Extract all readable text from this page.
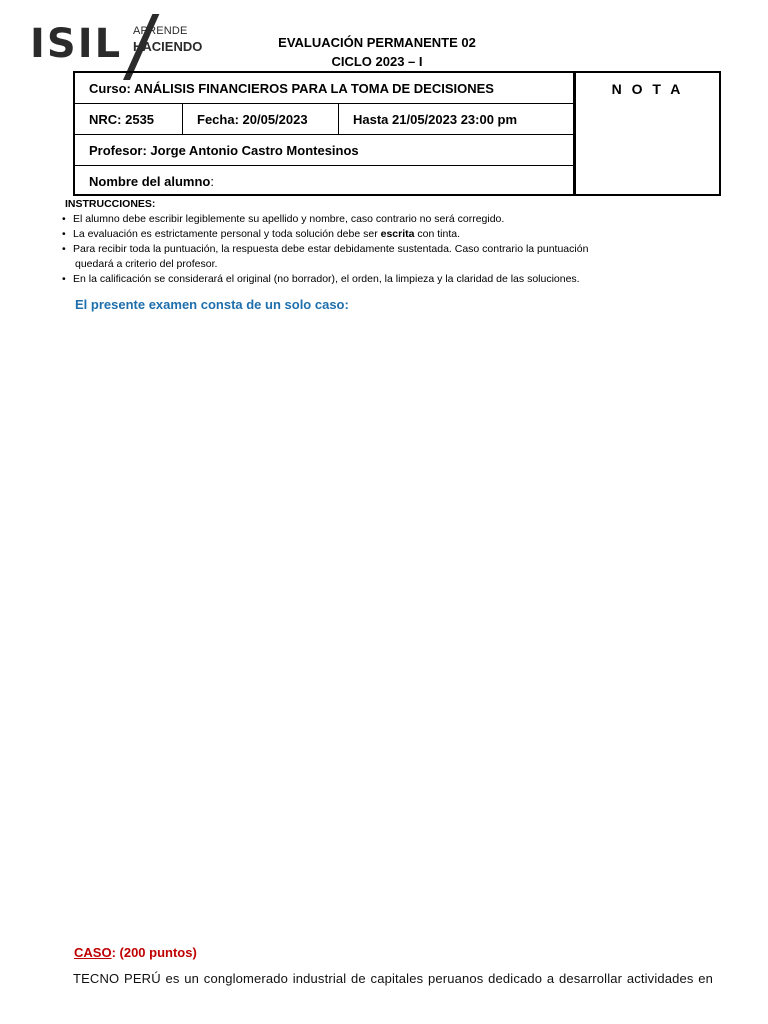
ISIL APRENDE
HACIENDO	EVALUACIÓN PERMANENTE 02
CICLO 2023 – I
Curso: ANÁLISIS FINANCIEROS PARA LA TOMA DE DECISIONES
NRC: 2535	Fecha: 20/05/2023	Hasta 21/05/2023 23:00 pm
Profesor: Jorge Antonio Castro Montesinos
Nombre del alumno :
N O T A
INSTRUCCIONES:
• El alumno debe escribir legiblemente su apellido y nombre, caso contrario no será corregido.
• La evaluación es estrictamente personal y toda solución debe ser escrita con tinta.
• Para recibir toda la puntuación, la respuesta debe estar debidamente sustentada. Caso contrario la puntuación
quedará a criterio del profesor.
• En la calificación se considerará el original (no borrador), el orden, la limpieza y la claridad de las soluciones.
El presente examen consta de un solo caso:
CASO: (200 puntos)
TECNO PERÚ es un conglomerado industrial de capitales peruanos dedicado a desarrollar actividades en
